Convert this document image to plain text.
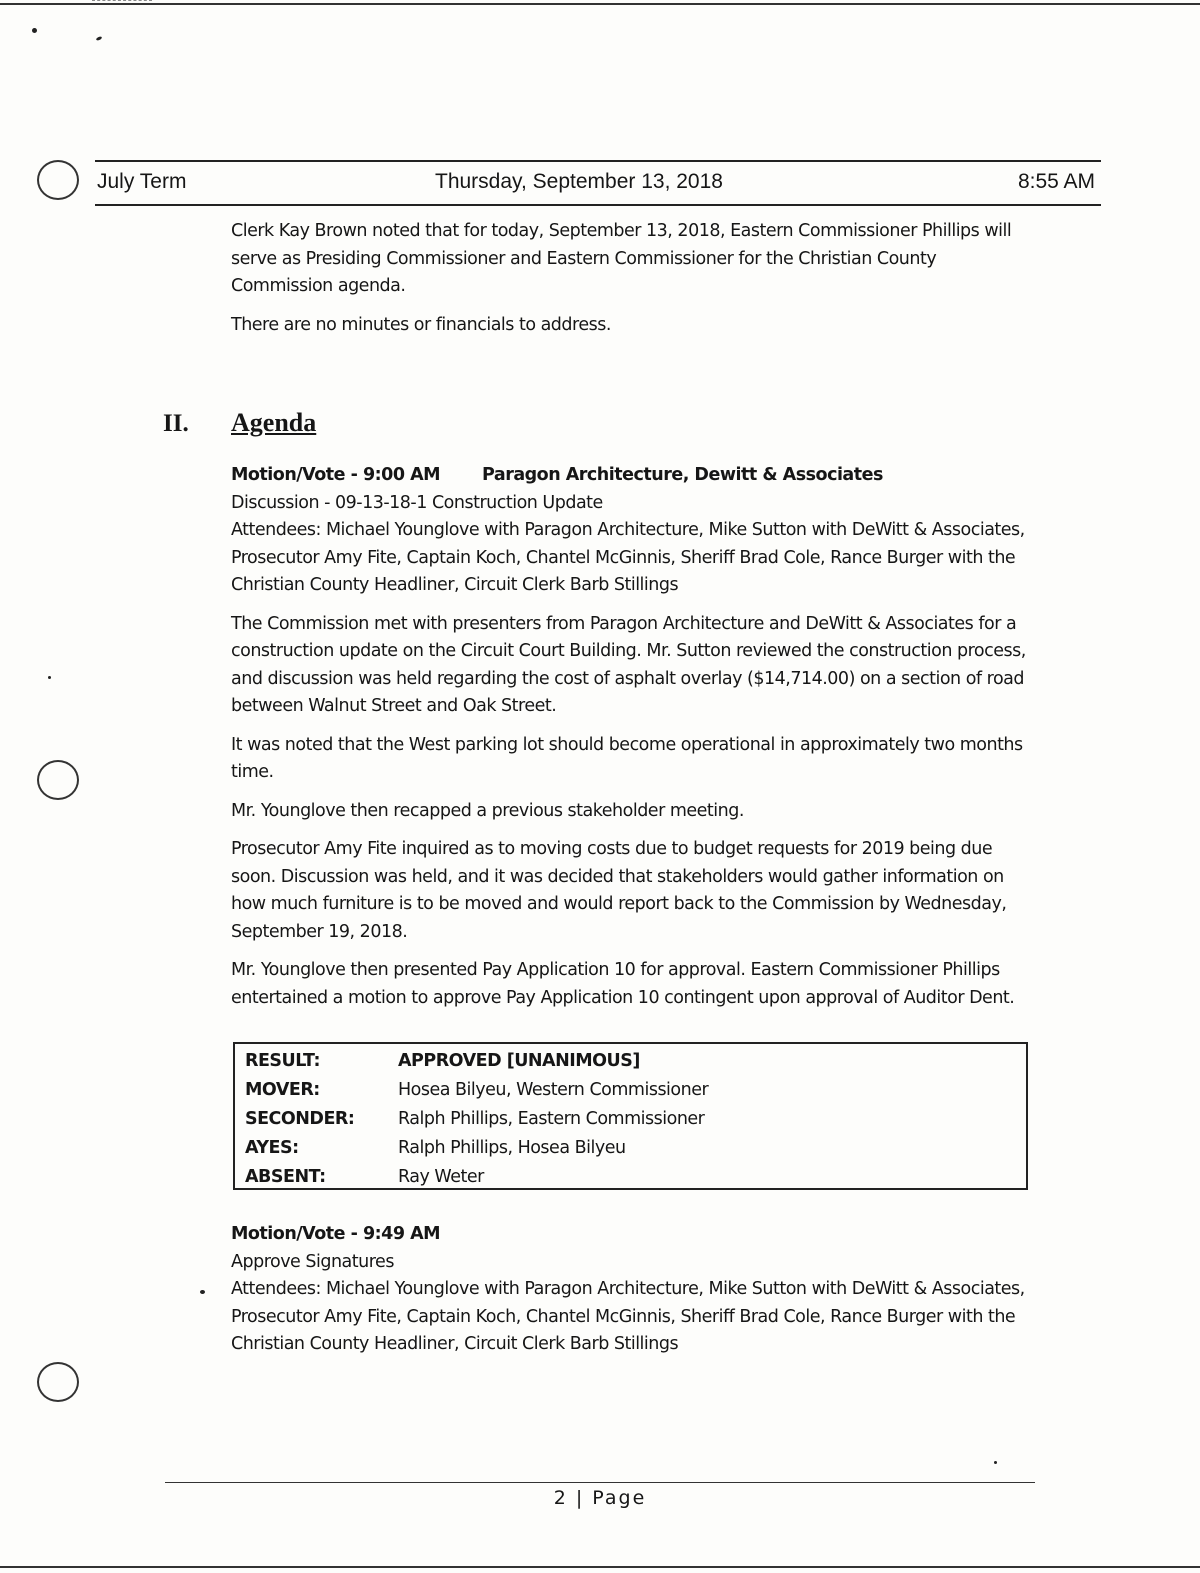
July Term	Thursday, September 13, 2018	8:55 AM

Clerk Kay Brown noted that for today, September 13, 2018, Eastern Commissioner Phillips will serve as Presiding Commissioner and Eastern Commissioner for the Christian County Commission agenda.

There are no minutes or financials to address.

II. Agenda

Motion/Vote - 9:00 AM Paragon Architecture, Dewitt & Associates

Discussion - 09-13-18-1 Construction Update

Attendees: Michael Younglove with Paragon Architecture, Mike Sutton with DeWitt & Associates, Prosecutor Amy Fite, Captain Koch, Chantel McGinnis, Sheriff Brad Cole, Rance Burger with the Christian County Headliner, Circuit Clerk Barb Stillings

The Commission met with presenters from Paragon Architecture and DeWitt & Associates for a construction update on the Circuit Court Building. Mr. Sutton reviewed the construction process, and discussion was held regarding the cost of asphalt overlay ($14,714.00) on a section of road between Walnut Street and Oak Street.

It was noted that the West parking lot should become operational in approximately two months time.

Mr. Younglove then recapped a previous stakeholder meeting.

Prosecutor Amy Fite inquired as to moving costs due to budget requests for 2019 being due soon. Discussion was held, and it was decided that stakeholders would gather information on how much furniture is to be moved and would report back to the Commission by Wednesday, September 19, 2018.

Mr. Younglove then presented Pay Application 10 for approval. Eastern Commissioner Phillips entertained a motion to approve Pay Application 10 contingent upon approval of Auditor Dent.

RESULT:	APPROVED [UNANIMOUS]
MOVER:	Hosea Bilyeu, Western Commissioner
SECONDER: Ralph Phillips, Eastern Commissioner
AYES:	Ralph Phillips, Hosea Bilyeu
ABSENT:	Ray Weter

Motion/Vote - 9:49 AM

Approve Signatures

Attendees: Michael Younglove with Paragon Architecture, Mike Sutton with DeWitt & Associates, Prosecutor Amy Fite, Captain Koch, Chantel McGinnis, Sheriff Brad Cole, Rance Burger with the Christian County Headliner, Circuit Clerk Barb Stillings

2 | Page
